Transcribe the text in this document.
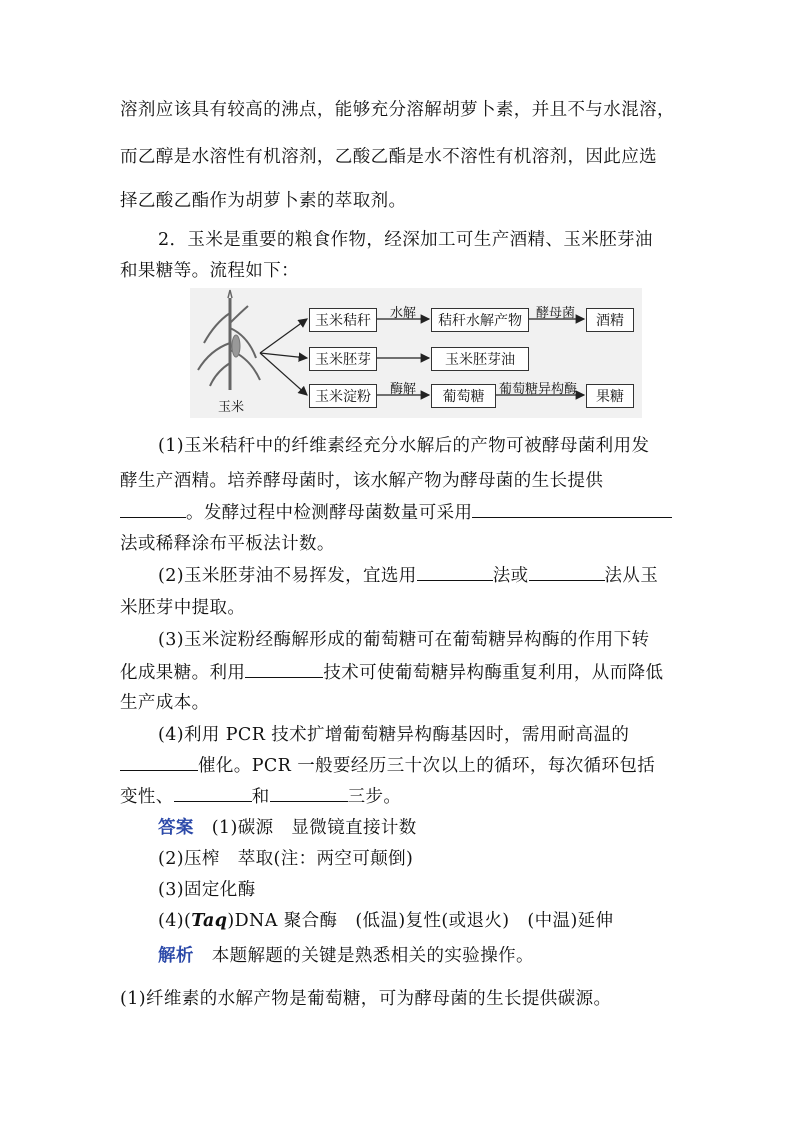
溶剂应该具有较高的沸点，能够充分溶解胡萝卜素，并且不与水混溶，
而乙醇是水溶性有机溶剂，乙酸乙酯是水不溶性有机溶剂，因此应选
择乙酸乙酯作为胡萝卜素的萃取剂。
2．玉米是重要的粮食作物，经深加工可生产酒精、玉米胚芽油
和果糖等。流程如下：
玉米
玉米秸秆
玉米胚芽
玉米淀粉
秸秆水解产物
玉米胚芽油
葡萄糖
酒精
果糖
水解	酵母菌
酶解	葡萄糖异构酶
(1)玉米秸秆中的纤维素经充分水解后的产物可被酵母菌利用发
酵生产酒精。培养酵母菌时，该水解产物为酵母菌的生长提供
。发酵过程中检测酵母菌数量可采用
法或稀释涂布平板法计数。
(2)玉米胚芽油不易挥发，宜选用	法或	法从玉
米胚芽中提取。
(3)玉米淀粉经酶解形成的葡萄糖可在葡萄糖异构酶的作用下转
化成果糖。利用	技术可使葡萄糖异构酶重复利用，从而降低
生产成本。
(4)利用 PCR 技术扩增葡萄糖异构酶基因时，需用耐高温的
催化。PCR 一般要经历三十次以上的循环，每次循环包括
变性、	和	三步。
答案 (1)碳源　显微镜直接计数
(2)压榨　萃取(注：两空可颠倒)
(3)固定化酶
(4)(Taq)DNA 聚合酶　(低温)复性(或退火)　(中温)延伸
解析 本题解题的关键是熟悉相关的实验操作。
(1)纤维素的水解产物是葡萄糖，可为酵母菌的生长提供碳源。
